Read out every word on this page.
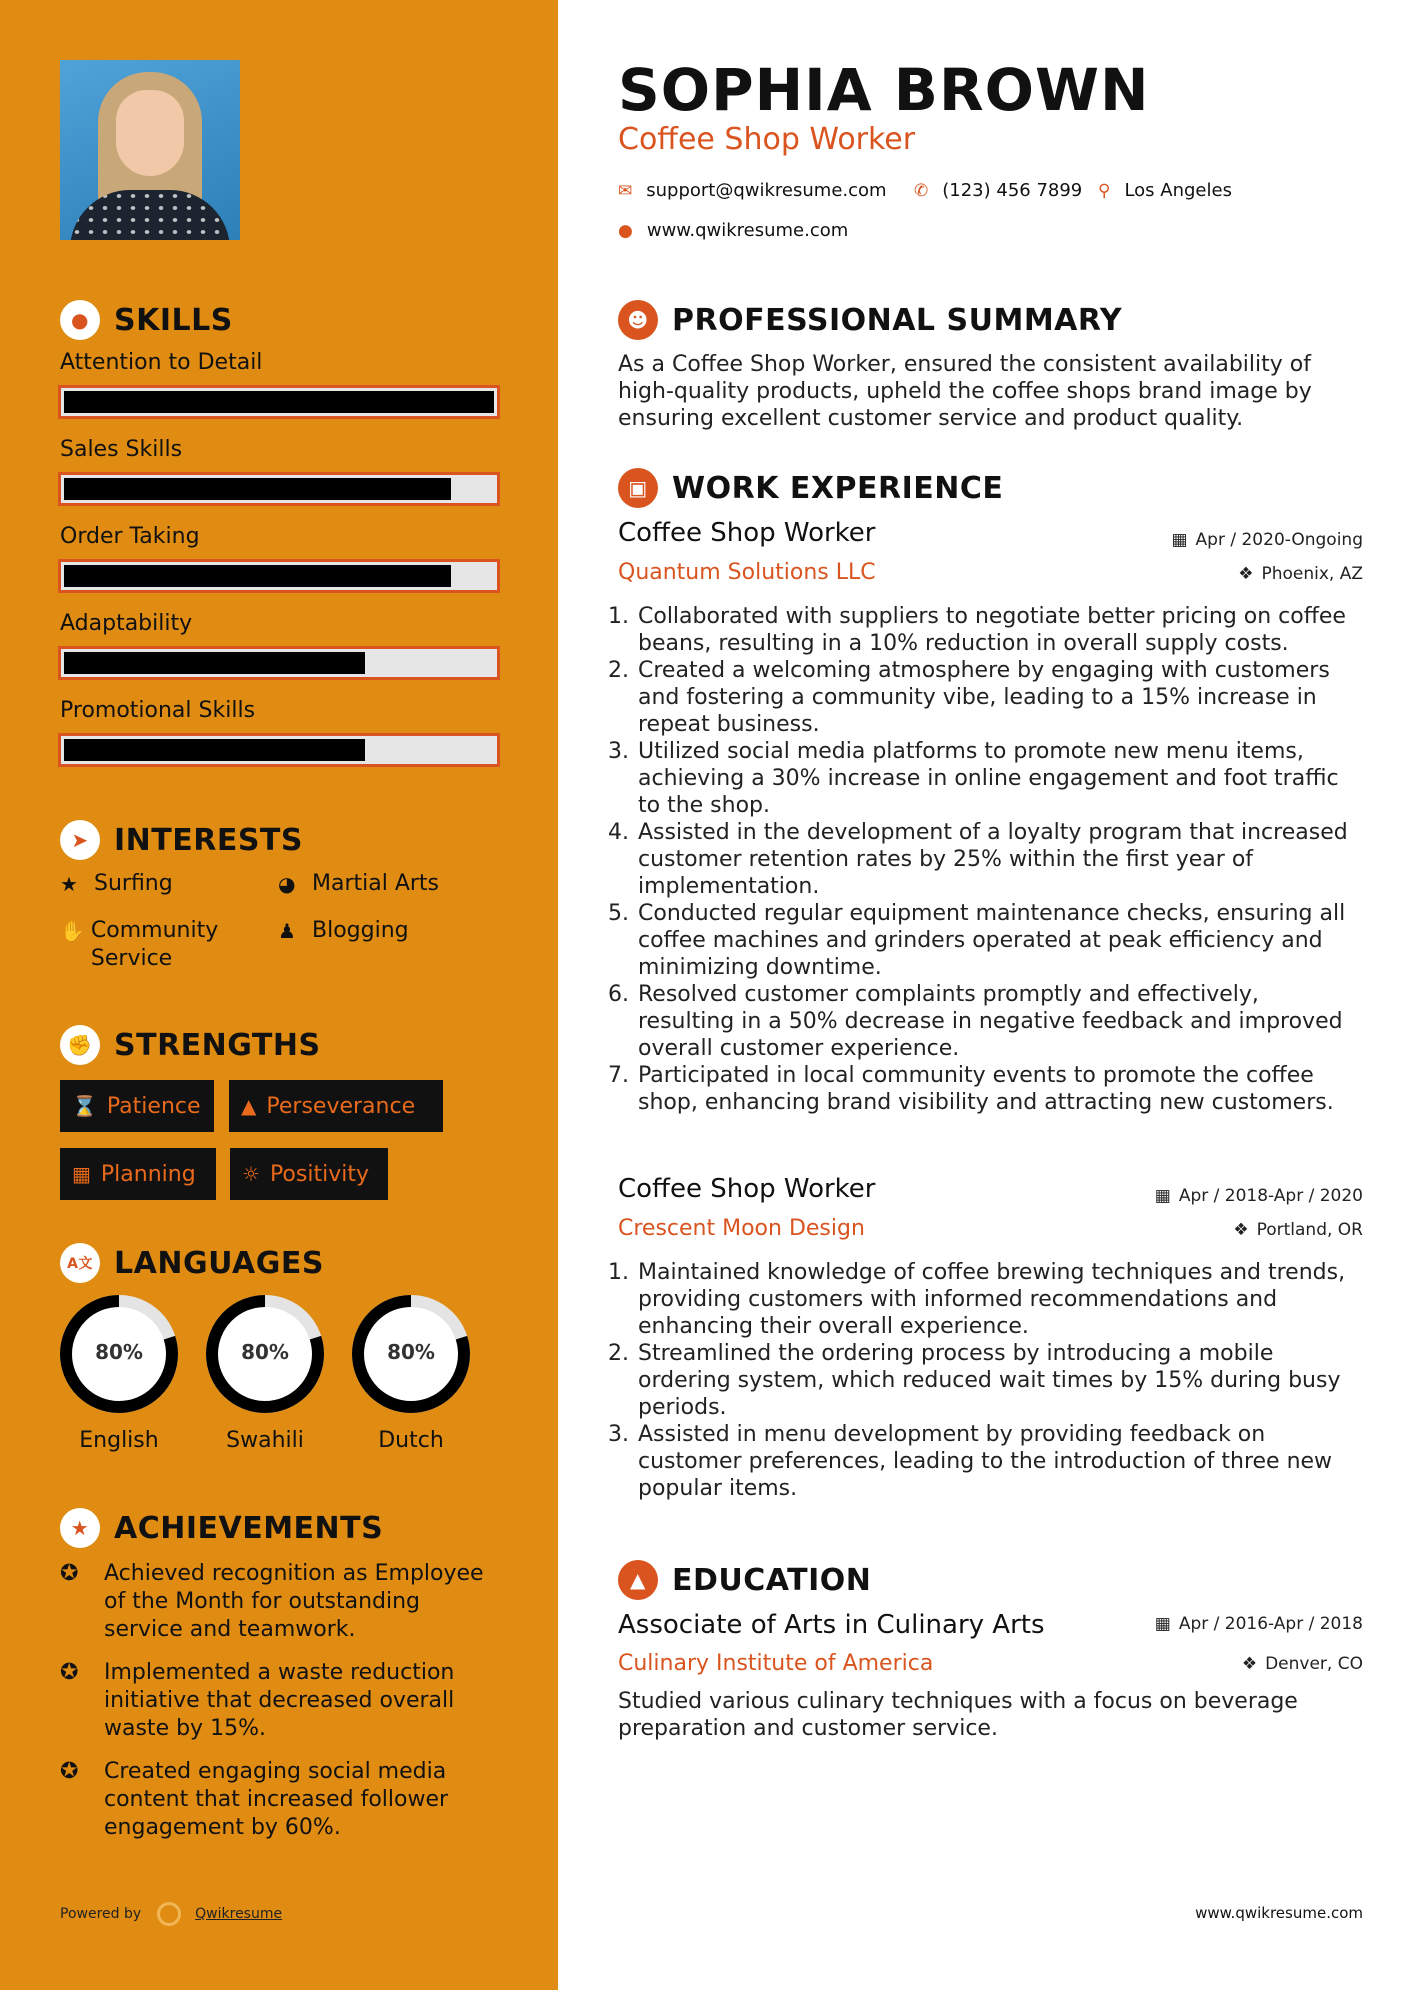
● SKILLS
Attention to Detail
Sales Skills
Order Taking
Adaptability
Promotional Skills
➤ INTERESTS
★ Surfing	◕ Martial Arts
✋ Community Service
♟ Blogging
✊ STRENGTHS
⌛ Patience ▲ Perseverance
▦ Planning ☼ Positivity
A​文 LANGUAGES
80%
English
80%
Swahili
80%
Dutch
★ ACHIEVEMENTS
✪	Achieved recognition as Employee of the Month for outstanding service and teamwork.
✪	Implemented a waste reduction initiative that decreased overall waste by 15%.
✪	Created engaging social media content that increased follower engagement by 60%.
Powered by	Qwikresume
SOPHIA BROWN
Coffee Shop Worker
✉ support@qwikresume.com ✆ (123) 456 7899 ⚲ Los Angeles
● www.qwikresume.com
☻ PROFESSIONAL SUMMARY
As a Coffee Shop Worker, ensured the consistent availability of high-quality products, upheld the coffee shops brand image by ensuring excellent customer service and product quality.
▣ WORK EXPERIENCE
Coffee Shop Worker	▦ Apr / 2020-Ongoing
Quantum Solutions LLC	❖ Phoenix, AZ
1. Collaborated with suppliers to negotiate better pricing on coffee beans, resulting in a 10% reduction in overall supply costs.
2. Created a welcoming atmosphere by engaging with customers and fostering a community vibe, leading to a 15% increase in repeat business.
3. Utilized social media platforms to promote new menu items, achieving a 30% increase in online engagement and foot traffic to the shop.
4. Assisted in the development of a loyalty program that increased customer retention rates by 25% within the first year of implementation.
5. Conducted regular equipment maintenance checks, ensuring all coffee machines and grinders operated at peak efficiency and minimizing downtime.
6. Resolved customer complaints promptly and effectively, resulting in a 50% decrease in negative feedback and improved overall customer experience.
7. Participated in local community events to promote the coffee shop, enhancing brand visibility and attracting new customers.
Coffee Shop Worker	▦ Apr / 2018-Apr / 2020
Crescent Moon Design	❖ Portland, OR
1. Maintained knowledge of coffee brewing techniques and trends, providing customers with informed recommendations and enhancing their overall experience.
2. Streamlined the ordering process by introducing a mobile ordering system, which reduced wait times by 15% during busy periods.
3. Assisted in menu development by providing feedback on customer preferences, leading to the introduction of three new popular items.
▲ EDUCATION
Associate of Arts in Culinary Arts	▦ Apr / 2016-Apr / 2018
Culinary Institute of America	❖ Denver, CO
Studied various culinary techniques with a focus on beverage preparation and customer service.
www.qwikresume.com
